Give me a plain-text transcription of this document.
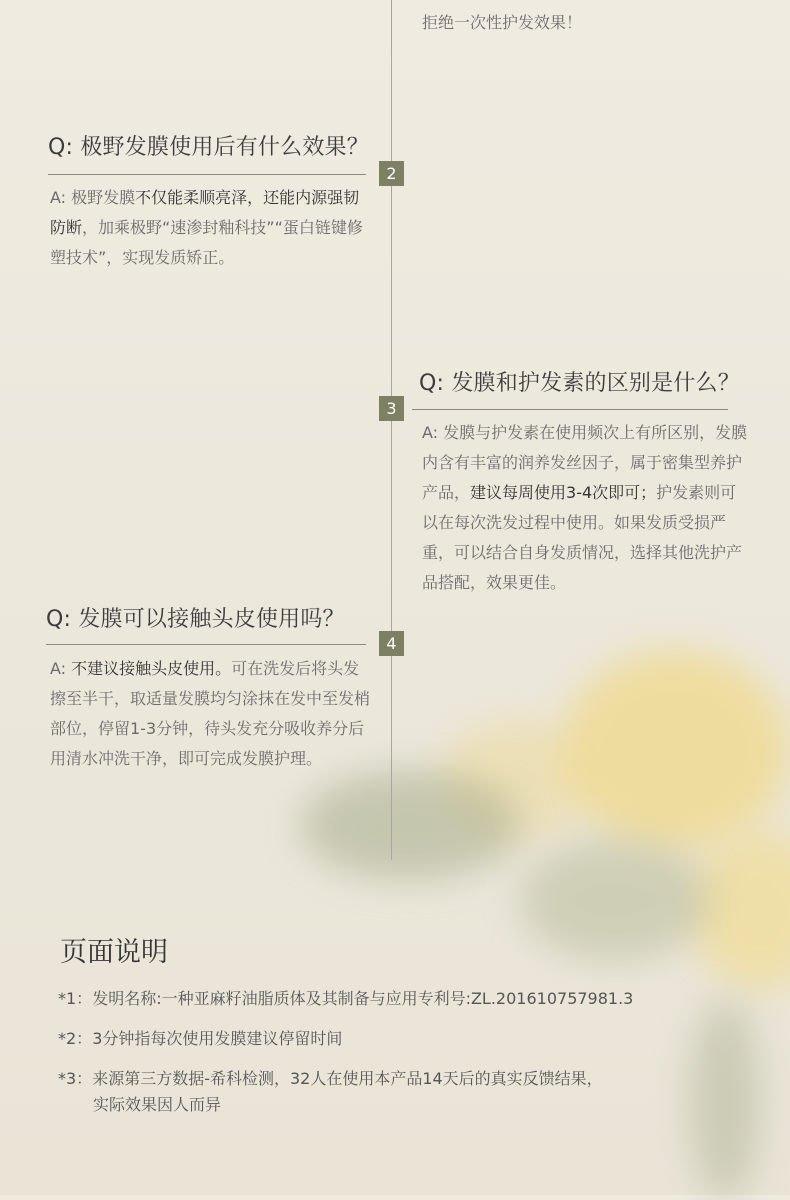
拒绝一次性护发效果！
Q: 极野发膜使用后有什么效果？
2
A: 极野发膜不仅能柔顺亮泽，还能内源强韧防断，加乘极野“速渗封釉科技”“蛋白链键修塑技术”，实现发质矫正。
Q: 发膜和护发素的区别是什么？
3
A: 发膜与护发素在使用频次上有所区别，发膜内含有丰富的润养发丝因子，属于密集型养护产品，建议每周使用3-4次即可；护发素则可以在每次洗发过程中使用。如果发质受损严重，可以结合自身发质情况，选择其他洗护产品搭配，效果更佳。
Q: 发膜可以接触头皮使用吗？
4
A: 不建议接触头皮使用。可在洗发后将头发擦至半干，取适量发膜均匀涂抹在发中至发梢部位，停留1-3分钟，待头发充分吸收养分后用清水冲洗干净，即可完成发膜护理。
页面说明
*1：发明名称:一种亚麻籽油脂质体及其制备与应用专利号:ZL.201610757981.3
*2：3分钟指每次使用发膜建议停留时间
*3：来源第三方数据-希科检测，32人在使用本产品14天后的真实反馈结果，
实际效果因人而异
